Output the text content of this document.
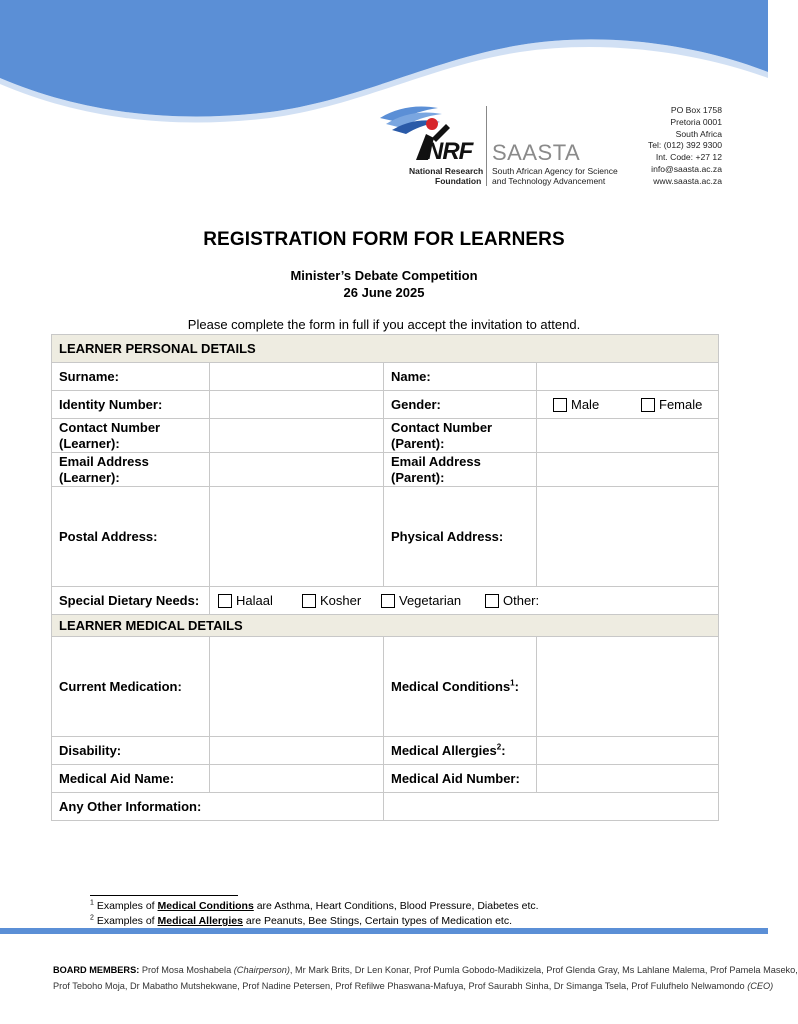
NRF
National Research
Foundation
SAASTA
South African Agency for Science
and Technology Advancement
PO Box 1758
Pretoria 0001
South Africa
Tel: (012) 392 9300
Int. Code: +27 12
info@saasta.ac.za
www.saasta.ac.za
REGISTRATION FORM FOR LEARNERS
Minister’s Debate Competition
26 June 2025
Please complete the form in full if you accept the invitation to attend.
LEARNER PERSONAL DETAILS			
Surname:		Name:	
Identity Number:		Gender:	Male Female
Contact Number
(Learner):		Contact Number
(Parent):	
Email Address
(Learner):		Email Address
(Parent):	
Postal Address:		Physical Address:	
Special Dietary Needs:	Halaal Kosher Vegetarian Other:		
LEARNER MEDICAL DETAILS			
Current Medication:		Medical Conditions$^1$:	
Disability:		Medical Allergies$^2$:	
Medical Aid Name:		Medical Aid Number:	
Any Other Information:			
$^1$ Examples of Medical Conditions are Asthma, Heart Conditions, Blood Pressure, Diabetes etc.
$^2$ Examples of Medical Allergies are Peanuts, Bee Stings, Certain types of Medication etc.
BOARD MEMBERS: Prof Mosa Moshabela (Chairperson), Mr Mark Brits, Dr Len Konar, Prof Pumla Gobodo-Madikizela, Prof Glenda Gray, Ms Lahlane Malema, Prof Pamela Maseko,
Prof Teboho Moja, Dr Mabatho Mutshekwane, Prof Nadine Petersen, Prof Refilwe Phaswana-Mafuya, Prof Saurabh Sinha, Dr Simanga Tsela, Prof Fulufhelo Nelwamondo (CEO)
